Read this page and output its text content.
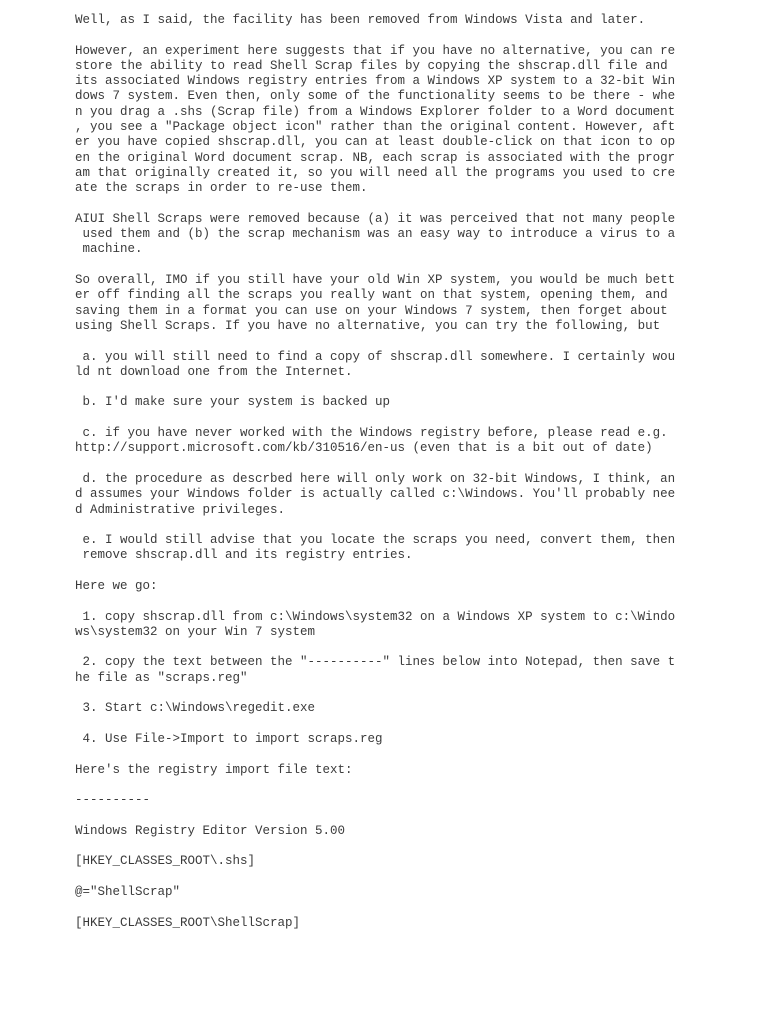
Well, as I said, the facility has been removed from Windows Vista and later.

However, an experiment here suggests that if you have no alternative, you can re
store the ability to read Shell Scrap files by copying the shscrap.dll file and
its associated Windows registry entries from a Windows XP system to a 32-bit Win
dows 7 system. Even then, only some of the functionality seems to be there - whe
n you drag a .shs (Scrap file) from a Windows Explorer folder to a Word document
, you see a "Package object icon" rather than the original content. However, aft
er you have copied shscrap.dll, you can at least double-click on that icon to op
en the original Word document scrap. NB, each scrap is associated with the progr
am that originally created it, so you will need all the programs you used to cre
ate the scraps in order to re-use them.

AIUI Shell Scraps were removed because (a) it was perceived that not many people
used them and (b) the scrap mechanism was an easy way to introduce a virus to a
machine.

So overall, IMO if you still have your old Win XP system, you would be much bett
er off finding all the scraps you really want on that system, opening them, and
saving them in a format you can use on your Windows 7 system, then forget about
using Shell Scraps. If you have no alternative, you can try the following, but

a. you will still need to find a copy of shscrap.dll somewhere. I certainly wou
ld nt download one from the Internet.

b. I'd make sure your system is backed up

c. if you have never worked with the Windows registry before, please read e.g.
http://support.microsoft.com/kb/310516/en-us (even that is a bit out of date)

d. the procedure as descrbed here will only work on 32-bit Windows, I think, an
d assumes your Windows folder is actually called c:\Windows. You'll probably nee
d Administrative privileges.

e. I would still advise that you locate the scraps you need, convert them, then
remove shscrap.dll and its registry entries.

Here we go:

1. copy shscrap.dll from c:\Windows\system32 on a Windows XP system to c:\Windo
ws\system32 on your Win 7 system

2. copy the text between the "----------" lines below into Notepad, then save t
he file as "scraps.reg"

3. Start c:\Windows\regedit.exe

4. Use File->Import to import scraps.reg

Here's the registry import file text:

----------

Windows Registry Editor Version 5.00

[HKEY_CLASSES_ROOT\.shs]

@="ShellScrap"

[HKEY_CLASSES_ROOT\ShellScrap]
